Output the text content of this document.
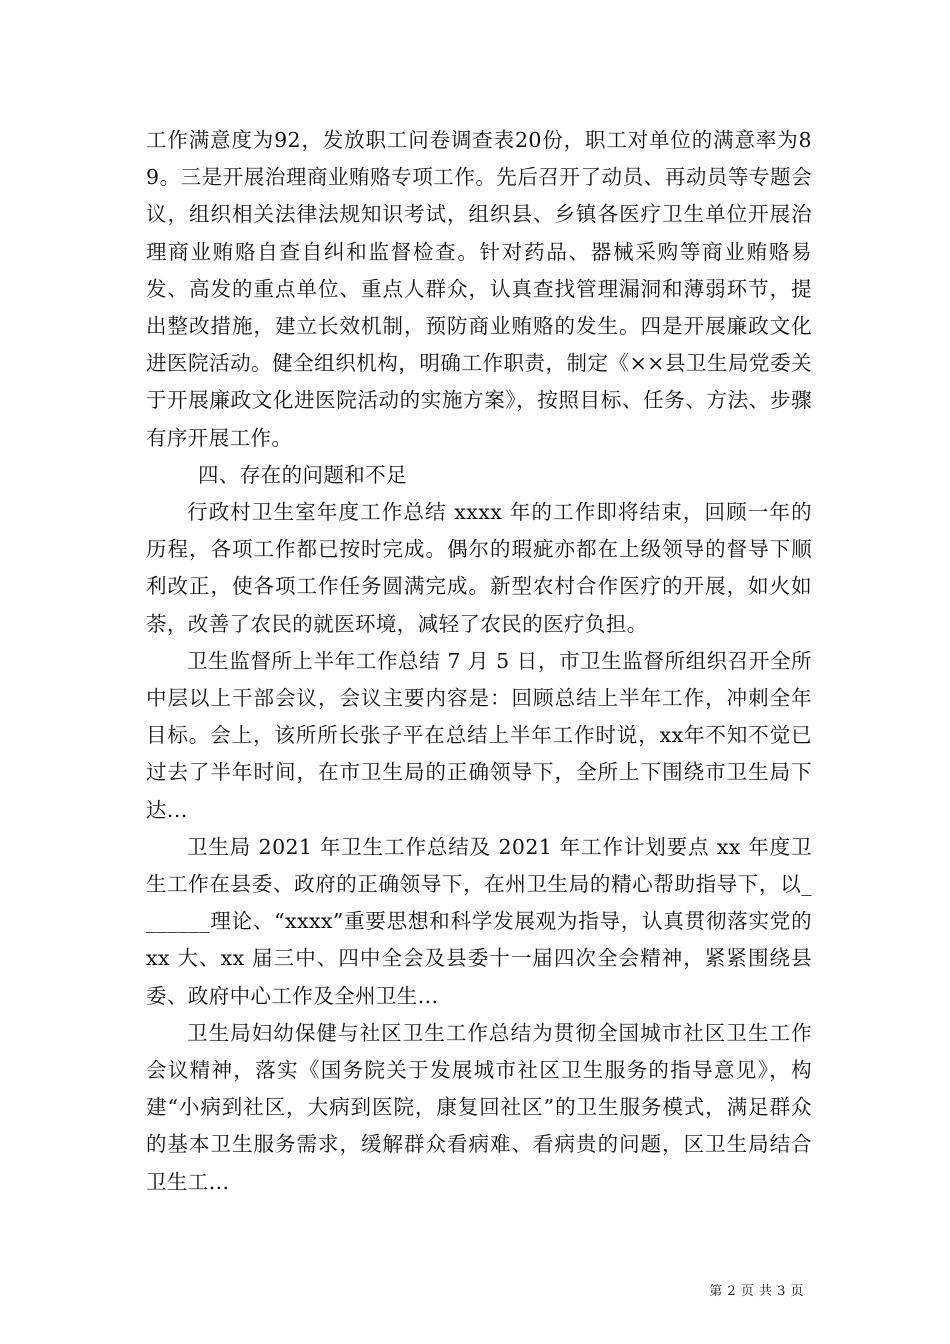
工作满意度为92，发放职工问卷调查表20份，职工对单位的满意率为89。三是开展治理商业贿赂专项工作。先后召开了动员、再动员等专题会议，组织相关法律法规知识考试，组织县、乡镇各医疗卫生单位开展治理商业贿赂自查自纠和监督检查。针对药品、器械采购等商业贿赂易发、高发的重点单位、重点人群众，认真查找管理漏洞和薄弱环节，提出整改措施，建立长效机制，预防商业贿赂的发生。四是开展廉政文化进医院活动。健全组织机构，明确工作职责，制定《××县卫生局党委关于开展廉政文化进医院活动的实施方案》，按照目标、任务、方法、步骤有序开展工作。

四、存在的问题和不足

行政村卫生室年度工作总结 xxxx 年的工作即将结束，回顾一年的历程，各项工作都已按时完成。偶尔的瑕疵亦都在上级领导的督导下顺利改正，使各项工作任务圆满完成。新型农村合作医疗的开展，如火如荼，改善了农民的就医环境，减轻了农民的医疗负担。

卫生监督所上半年工作总结 7 月 5 日，市卫生监督所组织召开全所中层以上干部会议，会议主要内容是：回顾总结上半年工作，冲刺全年目标。会上，该所所长张子平在总结上半年工作时说，xx年不知不觉已过去了半年时间，在市卫生局的正确领导下，全所上下围绕市卫生局下达...

卫生局 2021 年卫生工作总结及 2021 年工作计划要点 xx 年度卫生工作在县委、政府的正确领导下，在州卫生局的精心帮助指导下，以_______理论、“xxxx”重要思想和科学发展观为指导，认真贯彻落实党的 xx 大、xx 届三中、四中全会及县委十一届四次全会精神，紧紧围绕县委、政府中心工作及全州卫生...

卫生局妇幼保健与社区卫生工作总结为贯彻全国城市社区卫生工作会议精神，落实《国务院关于发展城市社区卫生服务的指导意见》，构建“小病到社区，大病到医院，康复回社区”的卫生服务模式，满足群众的基本卫生服务需求，缓解群众看病难、看病贵的问题，区卫生局结合卫生工...

第 2 页 共 3 页
